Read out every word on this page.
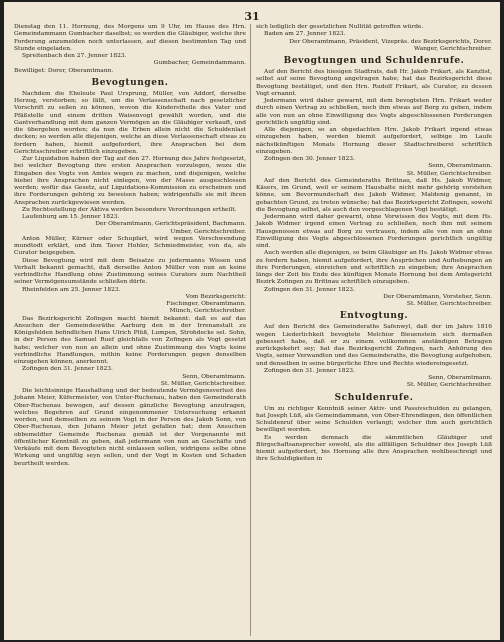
31

Dienstag den 11. Hornung, des Morgens um 9 Uhr, im Hause des Hrn. Gemeindammann Gumbacher daselbst; so werden die Gläubiger, welche ihre Forderung anzumelden noch unterlassen, auf diesen bestimmten Tag und Stunde eingeladen.

Spreitenbach den 27. Jenner 1823.

Gumbacher, Gemeindammann.

Bewilliget: Dorer, Oberamtmann.

Bevogtungen.

Nachdem die Eheleute Paul Ursprung, Müller, von Addorf, derselbe Herzog, verstorben; so fällt, um die Verlassenschaft nach gesetzlicher Vorschrift zu seßen zu können, wovon die Kinderstheile des Vater und Pfäßstelle und einem dritten Waisenvogt gewählt worden, und die Gantverhandlung mit dem ganzen Vermögen an die Gläubiger verkauft, und die übergeben worden; da nun die Erben allein nicht die Schuldenlast decken; so werden alle diejenigen, welche an diese Verlassenschaft etwas zu fordern haben, hiemit aufgefordert, ihre Ansprachen bei dem Gerichtsschreiber schriftlich einzugeben.

Zur Liquidation haben der Tag auf den 27. Hornung des Jahrs festgesetzt, bei welcher Bevogtung ihre ersten Ansprachen vorzulegen, wozu die Eingaben des Vogts von Amtes wegen zu machen, und diejenigen, welche hiebei ihre Ansprachen nicht einlegen, von der Masse ausgeschlossen werden; wofür das Gesetz, auf Liquidations-Kommission zu erscheinen und ihre Forderungen gehörig zu beweisen haben; widrigenfalls sie mit ihren Ansprachen zurückgewiesen werden.

Zu Rechtsstellung der Aktiva werden besondere Verordnungen ertheilt.

Laufenburg am 15. Jenner 1823.

Der Oberamtmann, Gerichtspräsident, Bachmann.

Umber, Gerichtschreiber.

Anton Müller, Kürner oder Schupfart, wird wegen Verschwendung mundtodt erklärt, und ihm Taver Hohler, Schmiedmeister, von da, als Curator beigegeben.

Diese Bevogtung wird mit dem Beisatze zu jedermanns Wissen und Verhalt bekannt gemacht, daß derselbe Anton Müller von nun an keine verbindliche Handlung ohne Zustimmung seines Curators zum Nachtheil seiner Vermögensumstände schließen dürfe.

Rheinfelden am 25. Jenner 1823.

Vom Bezirksgericht:

Fischinger, Oberamtmann.

Münch, Gerichtschreiber.

Das Bezirksgericht Zofingen macht hiemit bekannt: daß es auf das Ansuchen der Gemeindesräthe Aarburg den in der Irrenanstalt zu Königsfelden befindlichen Hans Ulrich Plüß, Lumpen, Strohdecks sel. Sohn, in der Person des Samuel Ruef gleichfalls von Zofingen als Vogt gesetzt habe; welcher von nun an allein und ohne Zustimmung des Vogts keine verbindliche Handlungen, mithin keine Forderungen gegen denselben einzugehen können, anerkennt.

Zofingen den 31. Jenner 1823.

Senn, Oberamtmann.

St. Müller, Gerichtschreiber.

Die leichtsinnige Haushaltung und der bedeutende Vermögensverlust des Johann Meier, Küfermeister, von Unter-Ruchenau, haben den Gemeinderath Ober-Ruchenau bewogen, auf dessen gänzliche Bevogtung anzutragen, welches Begehren auf Grund eingenommener Untersuchung erkannt worden, und demselben zu seinem Vogt in der Person des Jakob Sonn, von Ober-Ruchenau, den Johann Meier jetzt gefallen hat; dem Ansuchen obbemeldter Gemeinde Ruchenau gemäß ist der Vorgenannte mit öffentlicher Kenntniß zu geben, daß jedermann von nun an Geschäfte und Verkäufe mit dem Bevogteten nicht einlassen sollen, widrigens selbe ohne Wirkung und ungültig seyn sollen, und der Vogt in Kosten und Schaden beurtheilt werden.

sich lediglich der gesetzlichen Nullität getroffen würde.

Baden am 27. Jenner 1823.

Der Oberamtmann, Präsident, Vizepräs. des Bezirksgerichts, Dorer.

Wanger, Gerichtschreiber.

Bevogtungen und Schuldenrufe.

Auf den Bericht des hiesigen Stadtrats, daß Hr. Jakob Frikart, als Kanzlist, selbst auf seine Bevogtung angetragen habe; hat das Bezirksgericht diese Bevogtung bestätiget, und den Hrn. Rudolf Frikart, als Curator, zu dessen Vogt ernannt.

Jedermann wird daher gewarnt, mit dem bevogteten Hrn. Frikart weder durch einen Vertrag zu schließen, noch ihm etwas auf Borg zu geben, indem alle von nun an ohne Einwilligung des Vogts abgeschlossenen Forderungen gerichtlich ungültig sind.

Alle diejenigen, so an obgedachten Hrn. Jakob Frikart irgend etwas einzugeben haben, werden hiemit aufgefordert, selbige im Laufe nächstkünftigen Monats Hornung dieser Stadtschreiberei schriftlich einzugeben.

Zofingen den 30. Jenner 1823.

Senn, Oberamtmann.

St. Müller, Gerichtschreiber.

Auf den Bericht des Gemeinderaths Brittnau, daß Hs. Jakob Widmer, Käsers, im Grund, weil er seinem Haushalte nicht mehr gehörig vorstehen könne, um Bevormundschaft des Jakob Widmer, Maldenig genannt, in gebachten Grund, zu treten wünsche; hat das Bezirksgericht Zofingen, sowohl die Bevogtung selbst, als auch den vorgeschlagenen Vogt bestätigt.

Jedermann wird daher gewarnt, ohne Vorwissen des Vogts, mit dem Hs. Jakob Widmer irgend einen Vertrag zu schließen, noch ihm mit seinem Hausgenossen etwas auf Borg zu vertrauen, indem alle von nun an ohne Einwilligung des Vogts abgeschlossenen Forderungen gerichtlich ungültig sind.

Auch werden alle diejenigen, so beim Gläubiger an Hs. Jakob Widmer etwas zu fordern haben, hiemit aufgefordert, ihre Ansprüchen und Aufhebungen an ihre Forderungen, einreichen und schriftlich zu eingeben; ihre Ansprachen längs der Zeit bis Ende des künftigen Monats Hornung bei dem Amtsgericht Bezirk Zofingen zu Brittnau schriftlich einzugeben.

Zofingen den 31. Jenner 1823.

Der Oberamtmann, Vorsteher, Senn.

St. Müller, Gerichtschreiber.

Entvogtung.

Auf den Bericht des Gemeinderaths Safenwyl, daß der im Jahre 1816 wegen Liederlichkeit bevogtete Melchior Bieuenstein sich dermaßen gebessert habe, daß er zu einem vollkommen anständigen Betragen zurückgekehrt sey; hat das Bezirksgericht Zofingen, nach Anhörung des Vogts, seiner Verwandten und des Gemeinderaths, die Bevogtung aufgehoben, und denselben in seine bürgerliche Ehre und Rechte wiedereingesetzt.

Zofingen den 31. Jenner 1823.

Senn, Oberamtmann.

St. Müller, Gerichtschreiber.

Schuldenrufe.

Um zu richtiger Kenntniß seiner Aktiv- und Passivschulden zu gelangen, hat Joseph Lüß, als Gemeindammann, von Ober-Ehrendingen, den öffentlichen Schuldenruf über seine Schulden verlangt; welcher ihm auch gerichtlich bewilliget worden.

Es werden demnach die sämmtlichen Gläubiger und Bürgschaftsansprecher sowohl, als die allfälligen Schuldner des Joseph Lüß hiemit aufgefordert, bis Hornung alle ihre Ansprachen wohlbeschreigt und ihre Schuldigkeiten in
